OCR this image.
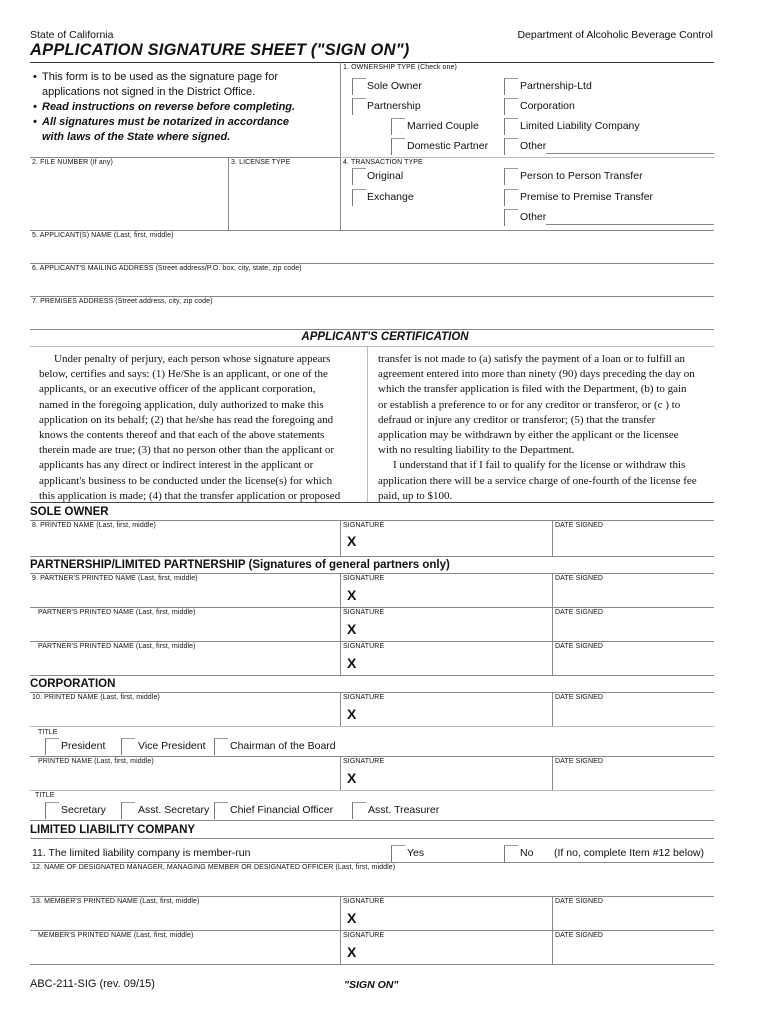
State of California	Department of Alcoholic Beverage Control
APPLICATION SIGNATURE SHEET ("SIGN ON")
• This form is to be used as the signature page for
applications not signed in the District Office.
• Read instructions on reverse before completing.
• All signatures must be notarized in accordance
with laws of the State where signed.
1. OWNERSHIP TYPE (Check one)
Sole Owner	Partnership-Ltd
Partnership	Corporation
Married Couple	Limited Liability Company
Domestic Partner	Other
2. FILE NUMBER (If any)	3. LICENSE TYPE	4. TRANSACTION TYPE
Original	Person to Person Transfer
Exchange	Premise to Premise Transfer
Other
5. APPLICANT(S) NAME (Last, first, middle)
6. APPLICANT'S MAILING ADDRESS (Street address/P.O. box, city, state, zip code)
7. PREMISES ADDRESS (Street address, city, zip code)
APPLICANT'S CERTIFICATION
Under penalty of perjury, each person whose signature appears
below, certifies and says: (1) He/She is an applicant, or one of the
applicants, or an executive officer of the applicant corporation,
named in the foregoing application, duly authorized to make this
application on its behalf; (2) that he/she has read the foregoing and
knows the contents thereof and that each of the above statements
therein made are true; (3) that no person other than the applicant or
applicants has any direct or indirect interest in the applicant or
applicant's business to be conducted under the license(s) for which
this application is made; (4) that the transfer application or proposed
transfer is not made to (a) satisfy the payment of a loan or to fulfill an
agreement entered into more than ninety (90) days preceding the day on
which the transfer application is filed with the Department, (b) to gain
or establish a preference to or for any creditor or transferor, or (c ) to
defraud or injure any creditor or transferor; (5) that the transfer
application may be withdrawn by either the applicant or the licensee
with no resulting liability to the Department.
I understand that if I fail to qualify for the license or withdraw this
application there will be a service charge of one-fourth of the license fee
paid, up to $100.
SOLE OWNER
8. PRINTED NAME (Last, first, middle)	SIGNATURE
X
DATE SIGNED
PARTNERSHIP/LIMITED PARTNERSHIP (Signatures of general partners only)
9. PARTNER'S PRINTED NAME (Last, first, middle)	SIGNATURE
X
DATE SIGNED
PARTNER'S PRINTED NAME (Last, first, middle)	SIGNATURE
X
DATE SIGNED
PARTNER'S PRINTED NAME (Last, first, middle)	SIGNATURE
X
DATE SIGNED
CORPORATION
10. PRINTED NAME (Last, first, middle)	SIGNATURE
X
DATE SIGNED
TITLE
President	Vice President Chairman of the Board
PRINTED NAME (Last, first, middle)	SIGNATURE
X
DATE SIGNED
TITLE
Secretary	Asst. Secretary Chief Financial Officer	Asst. Treasurer
LIMITED LIABILITY COMPANY
11. The limited liability company is member-run	Yes	No (If no, complete Item #12 below)
12. NAME OF DESIGNATED MANAGER, MANAGING MEMBER OR DESIGNATED OFFICER (Last, first, middle)
13. MEMBER'S PRINTED NAME (Last, first, middle)	SIGNATURE
X
DATE SIGNED
MEMBER'S PRINTED NAME (Last, first, middle)	SIGNATURE
X
DATE SIGNED
ABC-211-SIG (rev. 09/15)	"SIGN ON"
